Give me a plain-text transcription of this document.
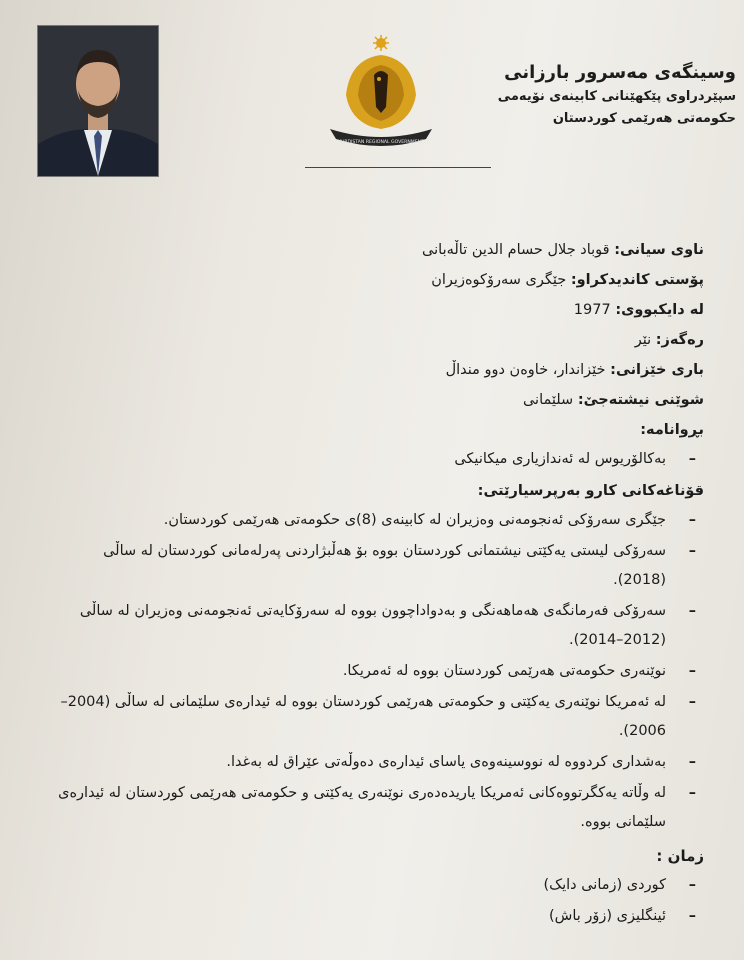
KURDISTAN REGIONAL GOVERNMENT
وسینگەی مەسرور بارزانی
سپێردراوی پێکهێنانی کابینەی نۆیەمی
حکومەتی هەرێمی کوردستان
ناوی سیانی: قوباد جلال حسام الدين تاڵەبانی
پۆستی کاندیدکراو: جێگری سەرۆکوەزیران
لە دایکبووی: 1977
رەگەز: نێر
باری خێزانی: خێزاندار، خاوەن دوو منداڵ
شوێنی نیشتەجێ: سلێمانی
بڕوانامە:
– بەکالۆریوس لە ئەندازیاری میکانیکی
قۆناغەکانی کارو بەرپرسیارێتی:
– جێگری سەرۆکی ئەنجومەنی وەزیران لە کابینەی (8)ی حکومەتی هەرێمی کوردستان.
– سەرۆکی لیستی یەکێتی نیشتمانی کوردستان بووە بۆ هەڵبژاردنی پەرلەمانی کوردستان لە ساڵی (2018).
– سەرۆکی فەرمانگەی هەماهەنگی و بەدواداچوون بووە لە سەرۆکایەتی ئەنجومەنی وەزیران لە ساڵی (2012–2014).
– نوێنەری حکومەتی هەرێمی کوردستان بووە لە ئەمریکا.
– لە ئەمریکا نوێنەری یەکێتی و حکومەتی هەرێمی کوردستان بووە لە ئیدارەی سلێمانی لە ساڵی (2004– 2006).
– بەشداری کردووە لە نووسینەوەی یاسای ئیدارەی دەوڵەتی عێراق لە بەغدا.
– لە وڵاتە یەکگرتووەکانی ئەمریکا یاریدەدەری نوێنەری یەکێتی و حکومەتی هەرێمی کوردستان لە ئیدارەی سلێمانی بووە.
زمان :
– کوردی (زمانی دایک)
– ئینگلیزی (زۆر باش)
